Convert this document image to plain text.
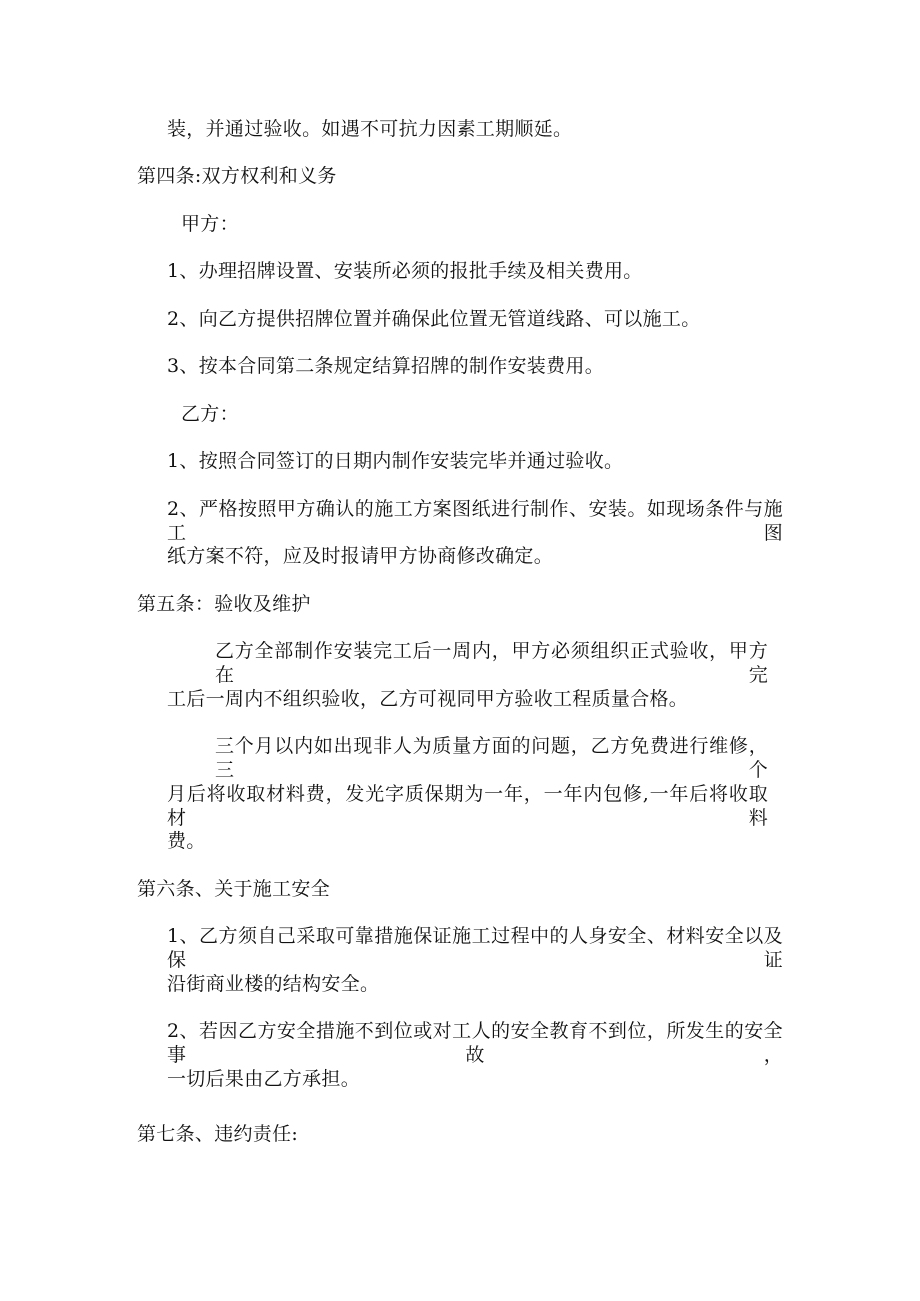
装，并通过验收。如遇不可抗力因素工期顺延。
第四条:双方权利和义务
甲方：
1、办理招牌设置、安装所必须的报批手续及相关费用。
2、向乙方提供招牌位置并确保此位置无管道线路、可以施工。
3、按本合同第二条规定结算招牌的制作安装费用。
乙方：
1、按照合同签订的日期内制作安装完毕并通过验收。
2、严格按照甲方确认的施工方案图纸进行制作、安装。如现场条件与施工图
纸方案不符，应及时报请甲方协商修改确定。
第五条：验收及维护
乙方全部制作安装完工后一周内，甲方必须组织正式验收，甲方在完
工后一周内不组织验收，乙方可视同甲方验收工程质量合格。
三个月以内如出现非人为质量方面的问题，乙方免费进行维修，三个
月后将收取材料费，发光字质保期为一年，一年内包修,一年后将收取材料
费。
第六条、关于施工安全
1、乙方须自己采取可靠措施保证施工过程中的人身安全、材料安全以及保证
沿街商业楼的结构安全。
2、若因乙方安全措施不到位或对工人的安全教育不到位，所发生的安全事故，
一切后果由乙方承担。
第七条、违约责任:
